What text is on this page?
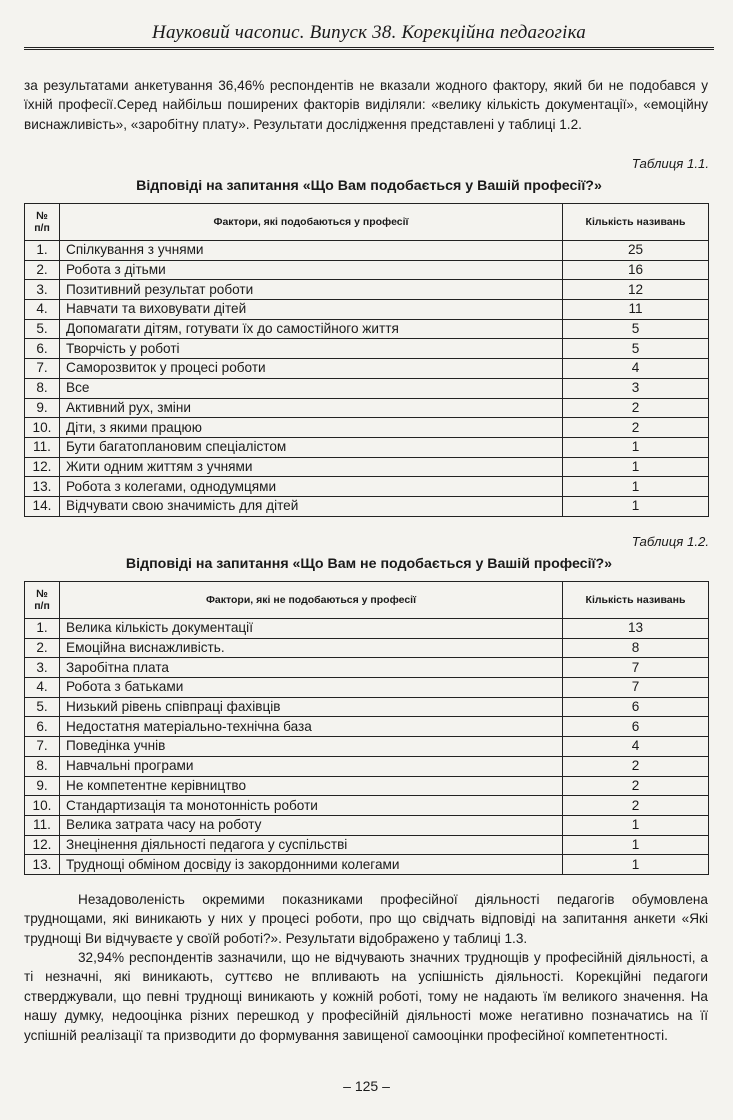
Науковий часопис. Випуск 38. Корекційна педагогіка

за результатами анкетування 36,46% респондентів не вказали жодного фактору, який би не подобався у їхній професії.Серед найбільш поширених факторів виділяли: «велику кількість документації», «емоційну виснажливість», «заробітну плату». Результати дослідження представлені у таблиці 1.2.

Таблиця 1.1.
Відповіді на запитання «Що Вам подобається у Вашій професії?»
№ п/п	Фактори, які подобаються у професії	Кількість називань
1.	Спілкування з учнями	25
2.	Робота з дітьми	16
3.	Позитивний результат роботи	12
4.	Навчати та виховувати дітей	11
5.	Допомагати дітям, готувати їх до самостійного життя	5
6.	Творчість у роботі	5
7.	Саморозвиток у процесі роботи	4
8.	Все	3
9.	Активний рух, зміни	2
10.	Діти, з якими працюю	2
11.	Бути багатоплановим спеціалістом	1
12.	Жити одним життям з учнями	1
13.	Робота з колегами, однодумцями	1
14.	Відчувати свою значимість для дітей	1
Таблиця 1.2.
Відповіді на запитання «Що Вам не подобається у Вашій професії?»
№ п/п	Фактори, які не подобаються у професії	Кількість називань
1.	Велика кількість документації	13
2.	Емоційна виснажливість.	8
3.	Заробітна плата	7
4.	Робота з батьками	7
5.	Низький рівень співпраці фахівців	6
6.	Недостатня матеріально-технічна база	6
7.	Поведінка учнів	4
8.	Навчальні програми	2
9.	Не компетентне керівництво	2
10.	Стандартизація та монотонність роботи	2
11.	Велика затрата часу на роботу	1
12.	Знецінення діяльності педагога у суспільстві	1
13.	Труднощі обміном досвіду із закордонними колегами	1

Незадоволеність окремими показниками професійної діяльності педагогів обумовлена труднощами, які виникають у них у процесі роботи, про що свідчать відповіді на запитання анкети «Які труднощі Ви відчуваєте у своїй роботі?». Результати відображено у таблиці 1.3.

32,94% респондентів зазначили, що не відчувають значних труднощів у професійній діяльності, а ті незначні, які виникають, суттєво не впливають на успішність діяльності. Корекційні педагоги стверджували, що певні труднощі виникають у кожній роботі, тому не надають їм великого значення. На нашу думку, недооцінка різних перешкод у професійній діяльності може негативно позначатись на її успішній реалізації та призводити до формування завищеної самооцінки професійної компетентності.

– 125 –
